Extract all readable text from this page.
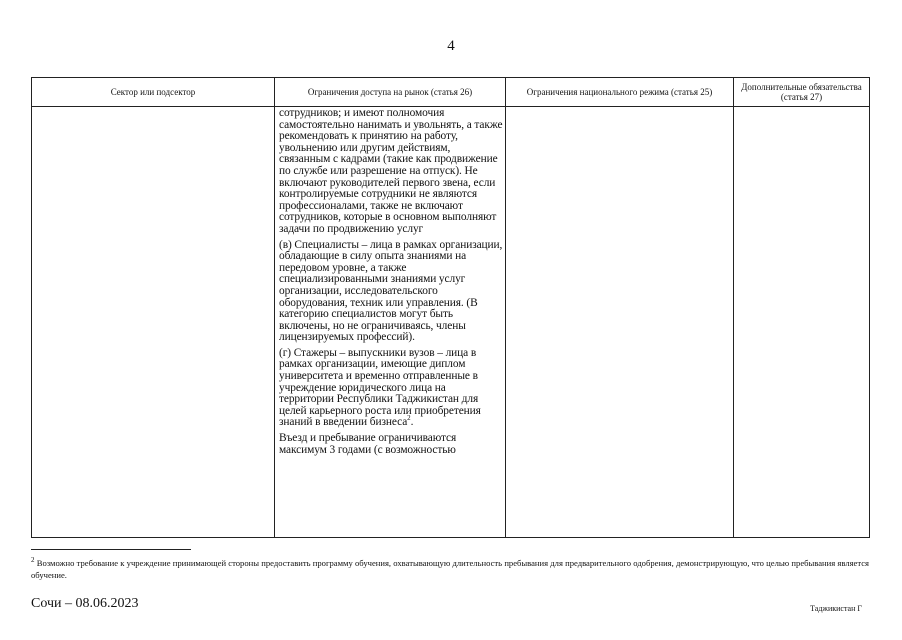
4
Сектор или подсектор	Ограничения доступа на рынок (статья 26)	Ограничения национального режима (статья 25)	Дополнительные обязательства (статья 27)

	сотрудников; и имеют полномочия самостоятельно нанимать и увольнять, а также рекомендовать к принятию на работу, увольнению или другим действиям, связанным с кадрами (такие как продвижение по службе или разрешение на отпуск). Не включают руководителей первого звена, если контролируемые сотрудники не являются профессионалами, также не включают сотрудников, которые в основном выполняют задачи по продвижению услуг

(в) Специалисты – лица в рамках организации, обладающие в силу опыта знаниями на передовом уровне, а также специализированными знаниями услуг организации, исследовательского оборудования, техник или управления. (В категорию специалистов могут быть включены, но не ограничиваясь, члены лицензируемых профессий).

(г) Стажеры – выпускники вузов – лица в рамках организации, имеющие диплом университета и временно отправленные в учреждение юридического лица на территории Республики Таджикистан для целей карьерного роста или приобретения знаний в введении бизнеса$^2$.

Въезд и пребывание ограничиваются максимум 3 годами (с возможностью		

$^2$ Возможно требование к учреждение принимающей стороны предоставить программу обучения, охватывающую длительность пребывания для предварительного одобрения, демонстрирующую, что целью пребывания является обучение.
Сочи – 08.06.2023	Таджикистан Г
